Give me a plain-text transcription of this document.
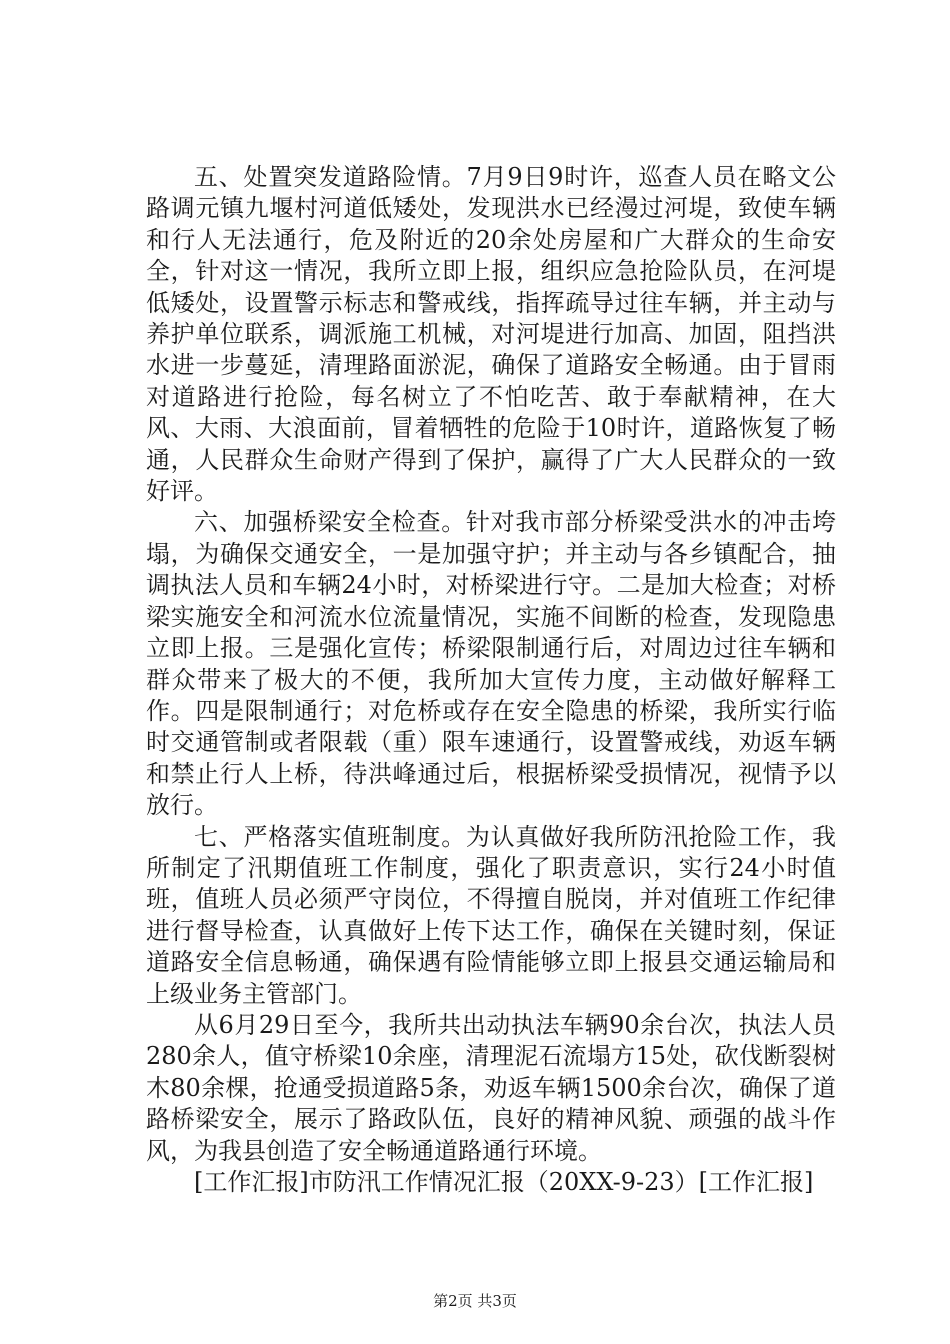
五、处置突发道路险情。7月9日9时许，巡查人员在略文公路调元镇九堰村河道低矮处，发现洪水已经漫过河堤，致使车辆和行人无法通行，危及附近的20余处房屋和广大群众的生命安全，针对这一情况，我所立即上报，组织应急抢险队员，在河堤低矮处，设置警示标志和警戒线，指挥疏导过往车辆，并主动与养护单位联系，调派施工机械，对河堤进行加高、加固，阻挡洪水进一步蔓延，清理路面淤泥，确保了道路安全畅通。由于冒雨对道路进行抢险，每名树立了不怕吃苦、敢于奉献精神，在大风、大雨、大浪面前，冒着牺牲的危险于10时许，道路恢复了畅通，人民群众生命财产得到了保护，赢得了广大人民群众的一致好评。

六、加强桥梁安全检查。针对我市部分桥梁受洪水的冲击垮塌，为确保交通安全，一是加强守护；并主动与各乡镇配合，抽调执法人员和车辆24小时，对桥梁进行守。二是加大检查；对桥梁实施安全和河流水位流量情况，实施不间断的检查，发现隐患立即上报。三是强化宣传；桥梁限制通行后，对周边过往车辆和群众带来了极大的不便，我所加大宣传力度，主动做好解释工作。四是限制通行；对危桥或存在安全隐患的桥梁，我所实行临时交通管制或者限载（重）限车速通行，设置警戒线，劝返车辆和禁止行人上桥，待洪峰通过后，根据桥梁受损情况，视情予以放行。

七、严格落实值班制度。为认真做好我所防汛抢险工作，我所制定了汛期值班工作制度，强化了职责意识，实行24小时值班，值班人员必须严守岗位，不得擅自脱岗，并对值班工作纪律进行督导检查，认真做好上传下达工作，确保在关键时刻，保证道路安全信息畅通，确保遇有险情能够立即上报县交通运输局和上级业务主管部门。

从6月29日至今，我所共出动执法车辆90余台次，执法人员280余人，值守桥梁10余座，清理泥石流塌方15处，砍伐断裂树木80余棵，抢通受损道路5条，劝返车辆1500余台次，确保了道路桥梁安全，展示了路政队伍，良好的精神风貌、顽强的战斗作风，为我县创造了安全畅通道路通行环境。

[工作汇报]市防汛工作情况汇报（20XX-9-23）[工作汇报]

第2页 共3页
